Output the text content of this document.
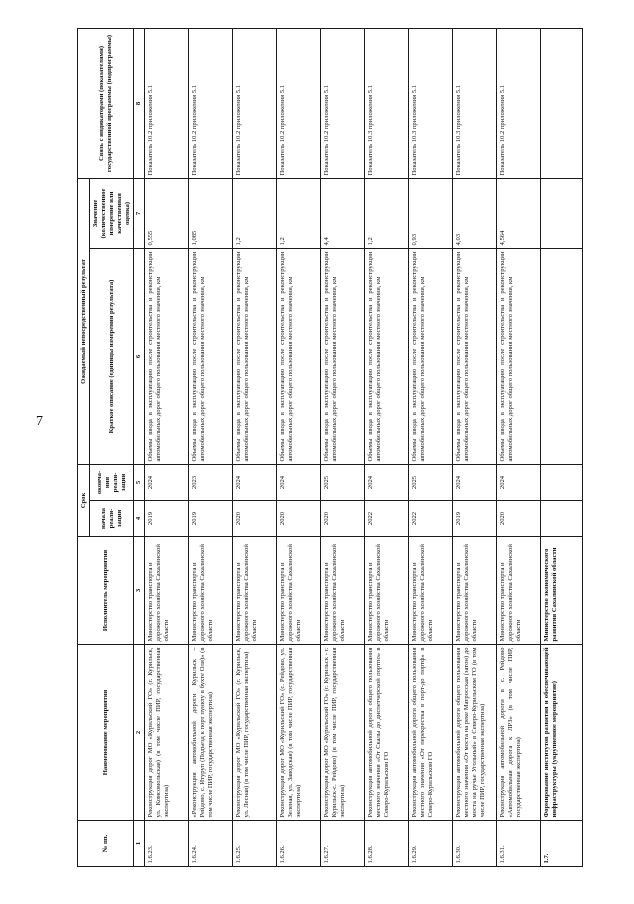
7
№ пп.	Наименование мероприятия	Исполнитель мероприятия	Срок		Ожидаемый непосредственный результат		Связь с индикаторами (показателями) государственной программы (подпрограммы)
			начала реали-зации	оконча-ния реали-зации	Краткое описание (единицы измерения результата)	Значение (количественное измерение или качественная оценка)	

1	2	3	4	5	6	7	8
1.6.23.	Реконструкция дорог МО «Курильский ГО» (г. Курильск, ул. Комсомольская) (в том числе ПИР, государственная экспертиза)	Министерство транспорта и дорожного хозяйства Сахалинской области	2019	2024	Объемы ввода в эксплуатацию после строительства и реконструкции автомобильных дорог общего пользования местного значения, км	0,555	Показатель 10.2 приложения 5.1
1.6.24.	«Реконструкция автомобильной дороги Курильск – Рейдово, с. Итуруп (Подъезд к порт пункту в бухте Оля)» (в том числе ПИР, государственная экспертиза)	Министерство транспорта и дорожного хозяйства Сахалинской области	2019	2023	Объемы ввода в эксплуатацию после строительства и реконструкции автомобильных дорог общего пользования местного значения, км	1,085	Показатель 10.2 приложения 5.1
1.6.25.	Реконструкция дорог МО «Курильский ГО» (г. Курильск, ул. Лесная) (в том числе ПИР, государственная экспертиза)	Министерство транспорта и дорожного хозяйства Сахалинской области	2020	2024	Объемы ввода в эксплуатацию после строительства и реконструкции автомобильных дорог общего пользования местного значения, км	1,2	Показатель 10.2 приложения 5.1
1.6.26.	Реконструкция дорог МО «Курильский ГО» (с. Рейдово, ул. Зеленая, ул. Заводская) (в том числе ПИР, государственная экспертиза)	Министерство транспорта и дорожного хозяйства Сахалинской области	2020	2024	Объемы ввода в эксплуатацию после строительства и реконструкции автомобильных дорог общего пользования местного значения, км	1,2	Показатель 10.2 приложения 5.1
1.6.27.	Реконструкция дорог МО «Курильский ГО» (г. Курильск - г. Курильск-с. Рейдово) (в том числе ПИР, государственная экспертиза)	Министерство транспорта и дорожного хозяйства Сахалинской области	2020	2025	Объемы ввода в эксплуатацию после строительства и реконструкции автомобильных дорог общего пользования местного значения, км	4,4	Показатель 10.2 приложения 5.1
1.6.28.	Реконструкция автомобильной дороги общего пользования местного значения «От Скалы до диспетчерской портпо» в Северо-Курильском ГО	Министерство транспорта и дорожного хозяйства Сахалинской области	2022	2024	Объемы ввода в эксплуатацию после строительства и реконструкции автомобильных дорог общего пользования местного значения, км	1,2	Показатель 10.3 приложения 5.1
1.6.29.	Реконструкция автомобильной дороги общего пользования местного значения «От перекрестка в порт-до портф» в Северо-Курильском ГО	Министерство транспорта и дорожного хозяйства Сахалинской области	2022	2025	Объемы ввода в эксплуатацию после строительства и реконструкции автомобильных дорог общего пользования местного значения, км	0,93	Показатель 10.3 приложения 5.1
1.6.30.	Реконструкция автомобильной дороги общего пользования местного значения «От моста на реке Матросская (затон) до моста на ручье Угольный» в Северо-Курильском ГО (в том числе ПИР, государственная экспертиза)	Министерство транспорта и дорожного хозяйства Сахалинской области	2019	2024	Объемы ввода в эксплуатацию после строительства и реконструкции автомобильных дорог общего пользования местного значения, км	4,03	Показатель 10.3 приложения 5.1
1.6.31.	Реконструкция автомобильной дороги в с. Рейдово «Автомобильная дорога к ЛРЗ» (в том числе ПИР, государственная экспертиза)	Министерство транспорта и дорожного хозяйства Сахалинской области	2020	2024	Объемы ввода в эксплуатацию после строительства и реконструкции автомобильных дорог общего пользования местного значения, км	4,564	Показатель 10.2 приложения 5.1
1.7.	Формирование институтов развития и обеспечивающей инфраструктуры (укрупненное мероприятие)	Министерство экономического развития Сахалинской области					
